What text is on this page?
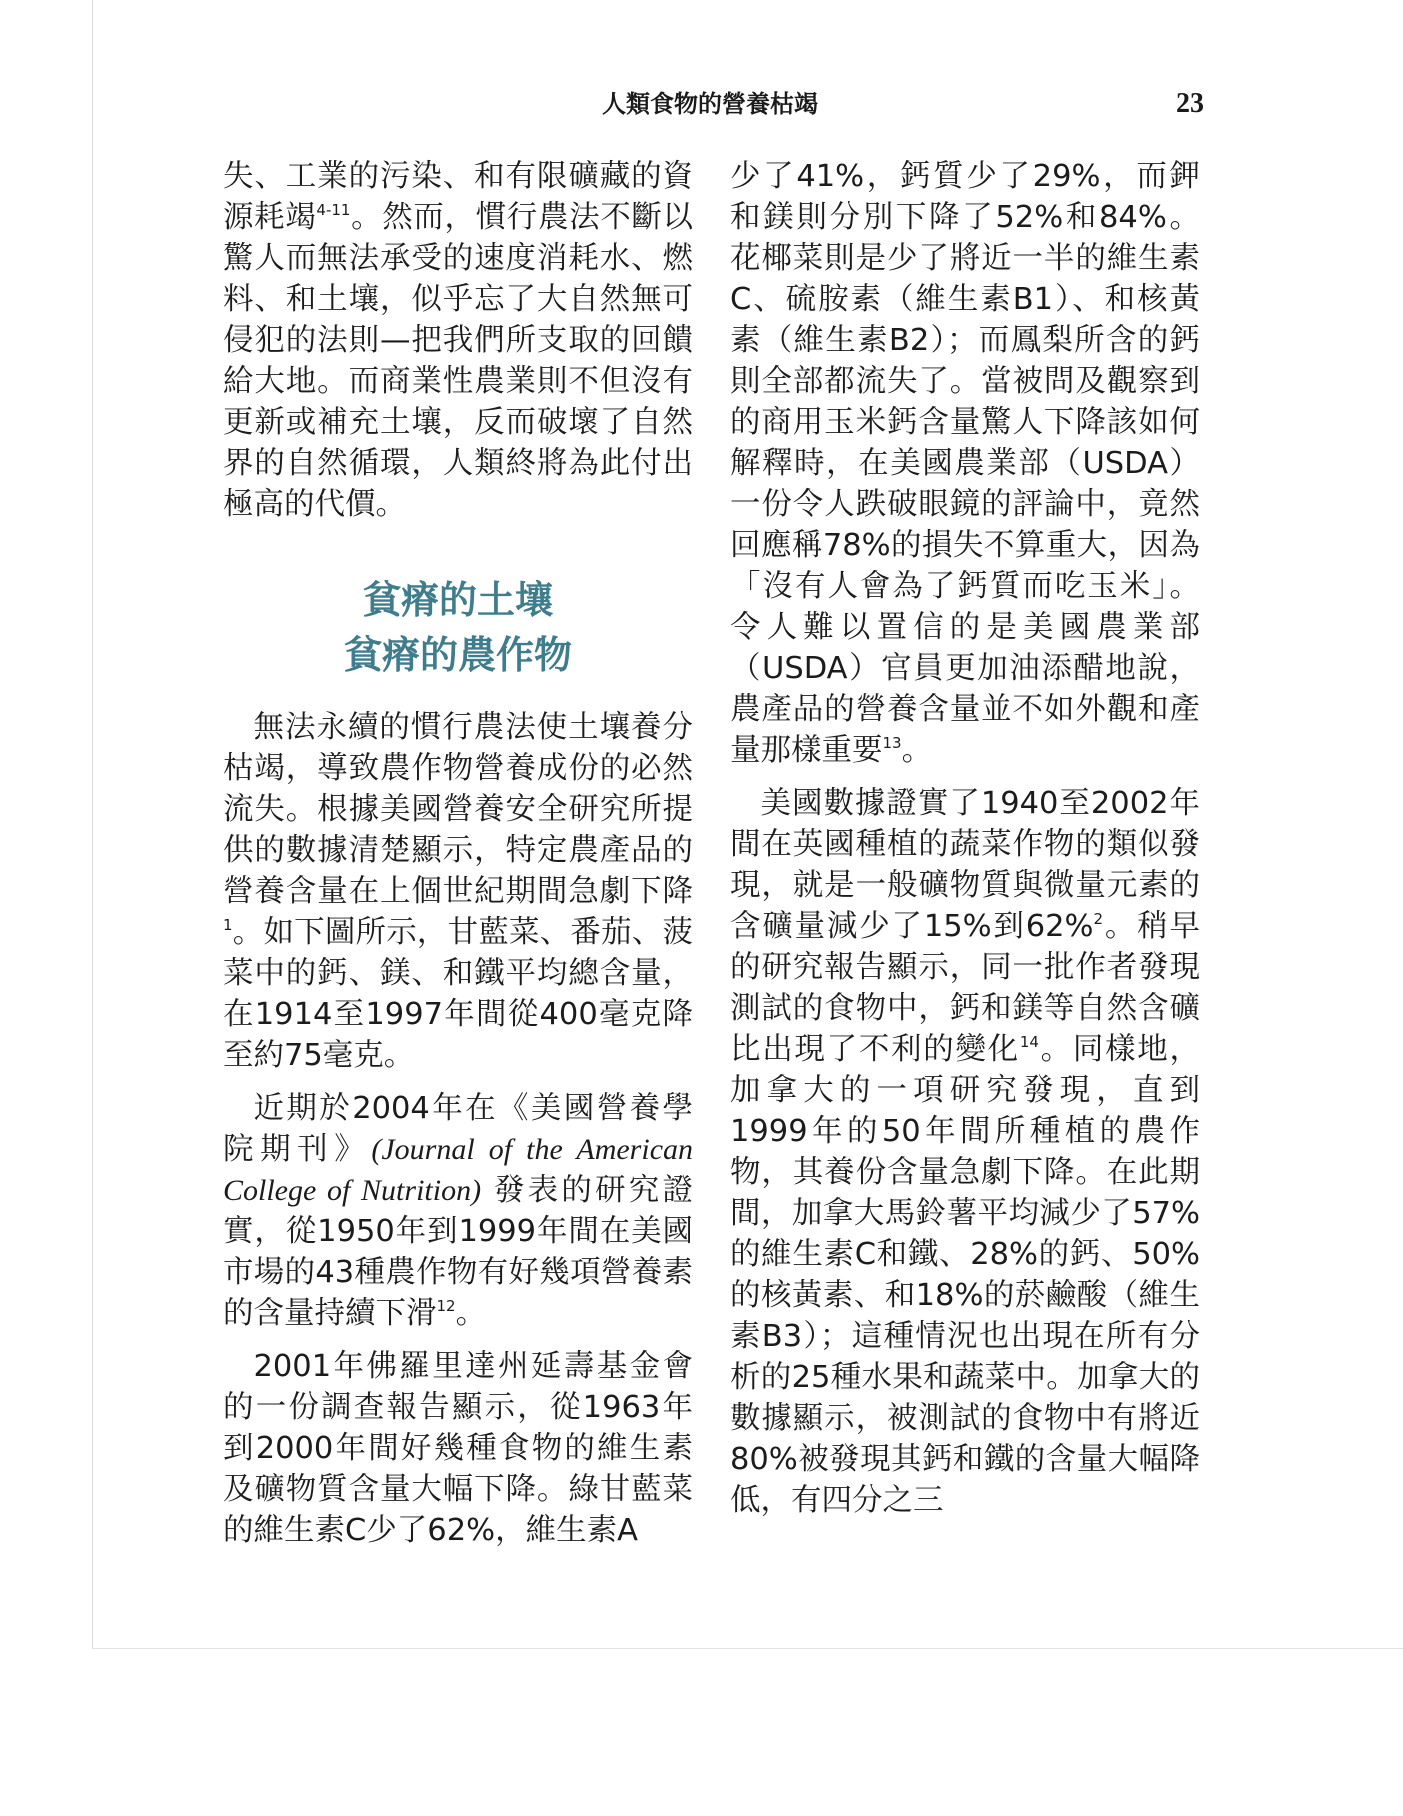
人類食物的營養枯竭	23

失、工業的污染、和有限礦藏的資源耗竭$^{4-11}$。然而，慣行農法不斷以驚人而無法承受的速度消耗水、燃料、和土壤，似乎忘了大自然無可侵犯的法則—把我們所支取的回饋給大地。而商業性農業則不但沒有更新或補充土壤，反而破壞了自然界的自然循環，人類終將為此付出極高的代價。

貧瘠的土壤
貧瘠的農作物

無法永續的慣行農法使土壤養分枯竭，導致農作物營養成份的必然流失。根據美國營養安全研究所提供的數據清楚顯示，特定農產品的營養含量在上個世紀期間急劇下降$^1$。如下圖所示，甘藍菜、番茄、菠菜中的鈣、鎂、和鐵平均總含量，在1914至1997年間從400毫克降至約75毫克。

近期於2004年在《美國營養學院期刊》(Journal of the American College of Nutrition) 發表的研究證實，從1950年到1999年間在美國市場的43種農作物有好幾項營養素的含量持續下滑$^{12}$。

2001年佛羅里達州延壽基金會的一份調查報告顯示，從1963年到2000年間好幾種食物的維生素及礦物質含量大幅下降。綠甘藍菜的維生素C少了62%，維生素A

少了41%，鈣質少了29%，而鉀和鎂則分別下降了52%和84%。花椰菜則是少了將近一半的維生素C、硫胺素（維生素B1）、和核黃素（維生素B2）；而鳳梨所含的鈣則全部都流失了。當被問及觀察到的商用玉米鈣含量驚人下降該如何解釋時，在美國農業部（USDA）一份令人跌破眼鏡的評論中，竟然回應稱78%的損失不算重大，因為「沒有人會為了鈣質而吃玉米」。令人難以置信的是美國農業部（USDA）官員更加油添醋地說，農產品的營養含量並不如外觀和產量那樣重要$^{13}$。

美國數據證實了1940至2002年間在英國種植的蔬菜作物的類似發現，就是一般礦物質與微量元素的含礦量減少了15%到62%$^2$。稍早的研究報告顯示，同一批作者發現測試的食物中，鈣和鎂等自然含礦比出現了不利的變化$^{14}$。同樣地，加拿大的一項研究發現，直到1999年的50年間所種植的農作物，其養份含量急劇下降。在此期間，加拿大馬鈴薯平均減少了57%的維生素C和鐵、28%的鈣、50%的核黃素、和18%的菸鹼酸（維生素B3）；這種情況也出現在所有分析的25種水果和蔬菜中。加拿大的數據顯示，被測試的食物中有將近80%被發現其鈣和鐵的含量大幅降低，有四分之三
